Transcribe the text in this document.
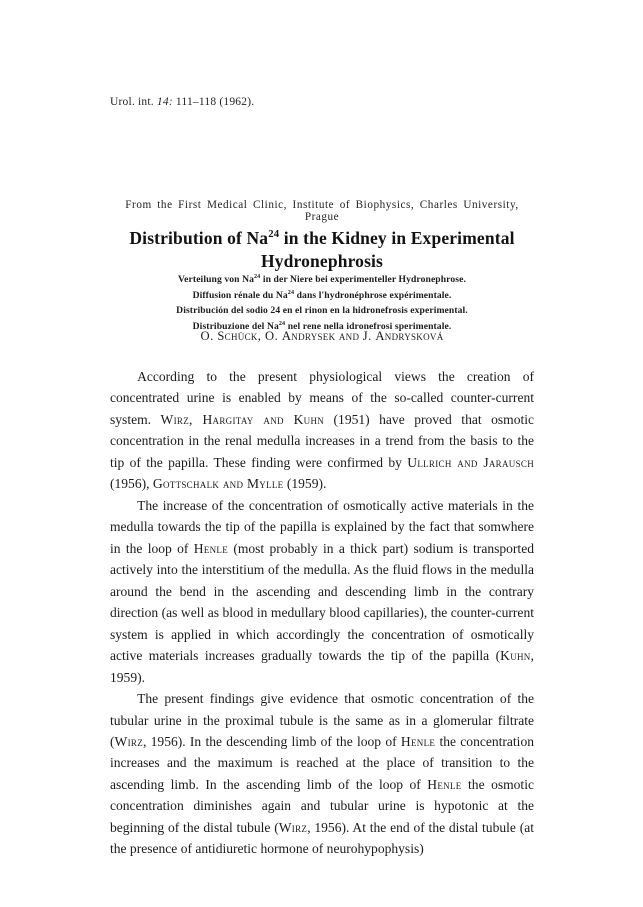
Urol. int. 14: 111–118 (1962).
From the First Medical Clinic, Institute of Biophysics, Charles University, Prague
Distribution of Na$^{24}$ in the Kidney in Experimental
Hydronephrosis
Verteilung von Na$^{24}$ in der Niere bei experimenteller Hydronephrose.
Diffusion rénale du Na$^{24}$ dans l'hydronéphrose expérimentale.
Distribución del sodio 24 en el rinon en la hidronefrosis experimental.
Distribuzione del Na$^{24}$ nel rene nella idronefrosi sperimentale.
O. Schück, O. Andrysek and J. Andrysková

According to the present physiological views the creation of concentrated urine is enabled by means of the so-called counter-current system. Wirz, Hargitay and Kuhn (1951) have proved that osmotic concentration in the renal medulla increases in a trend from the basis to the tip of the papilla. These finding were confirmed by Ullrich and Jarausch (1956), Gottschalk and Mylle (1959).

The increase of the concentration of osmotically active materials in the medulla towards the tip of the papilla is explained by the fact that somwhere in the loop of Henle (most probably in a thick part) sodium is transported actively into the interstitium of the medulla. As the fluid flows in the medulla around the bend in the ascending and descending limb in the contrary direction (as well as blood in medullary blood capillaries), the counter-current system is applied in which accordingly the concentration of osmotically active materials increases gradually towards the tip of the papilla (Kuhn, 1959).

The present findings give evidence that osmotic concentration of the tubular urine in the proximal tubule is the same as in a glomerular filtrate (Wirz, 1956). In the descending limb of the loop of Henle the concentration increases and the maximum is reached at the place of transition to the ascending limb. In the ascending limb of the loop of Henle the osmotic concentration diminishes again and tubular urine is hypotonic at the beginning of the distal tubule (Wirz, 1956). At the end of the distal tubule (at the presence of antidiuretic hormone of neurohypophysis)
